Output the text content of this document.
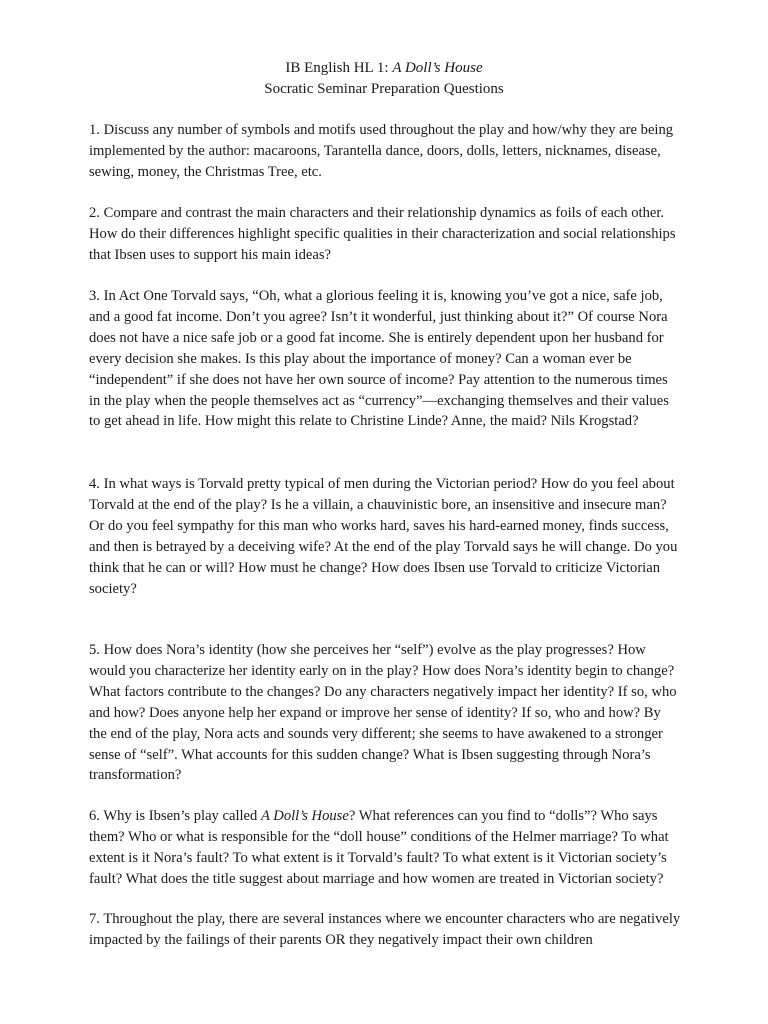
IB English HL 1: A Doll’s House
Socratic Seminar Preparation Questions

1. Discuss any number of symbols and motifs used throughout the play and how/why they are being implemented by the author: macaroons, Tarantella dance, doors, dolls, letters, nicknames, disease, sewing, money, the Christmas Tree, etc.

2. Compare and contrast the main characters and their relationship dynamics as foils of each other. How do their differences highlight specific qualities in their characterization and social relationships that Ibsen uses to support his main ideas?

3. In Act One Torvald says, “Oh, what a glorious feeling it is, knowing you’ve got a nice, safe job, and a good fat income. Don’t you agree? Isn’t it wonderful, just thinking about it?” Of course Nora does not have a nice safe job or a good fat income. She is entirely dependent upon her husband for every decision she makes. Is this play about the importance of money? Can a woman ever be “independent” if she does not have her own source of income? Pay attention to the numerous times in the play when the people themselves act as “currency”—exchanging themselves and their values to get ahead in life. How might this relate to Christine Linde? Anne, the maid? Nils Krogstad?

4. In what ways is Torvald pretty typical of men during the Victorian period? How do you feel about Torvald at the end of the play? Is he a villain, a chauvinistic bore, an insensitive and insecure man? Or do you feel sympathy for this man who works hard, saves his hard-earned money, finds success, and then is betrayed by a deceiving wife? At the end of the play Torvald says he will change. Do you think that he can or will? How must he change? How does Ibsen use Torvald to criticize Victorian society?

5. How does Nora’s identity (how she perceives her “self”) evolve as the play progresses? How would you characterize her identity early on in the play? How does Nora’s identity begin to change? What factors contribute to the changes? Do any characters negatively impact her identity? If so, who and how? Does anyone help her expand or improve her sense of identity? If so, who and how? By the end of the play, Nora acts and sounds very different; she seems to have awakened to a stronger sense of “self”. What accounts for this sudden change? What is Ibsen suggesting through Nora’s transformation?

6. Why is Ibsen’s play called A Doll’s House? What references can you find to “dolls”? Who says them? Who or what is responsible for the “doll house” conditions of the Helmer marriage? To what extent is it Nora’s fault? To what extent is it Torvald’s fault? To what extent is it Victorian society’s fault? What does the title suggest about marriage and how women are treated in Victorian society?

7. Throughout the play, there are several instances where we encounter characters who are negatively impacted by the failings of their parents OR they negatively impact their own children
